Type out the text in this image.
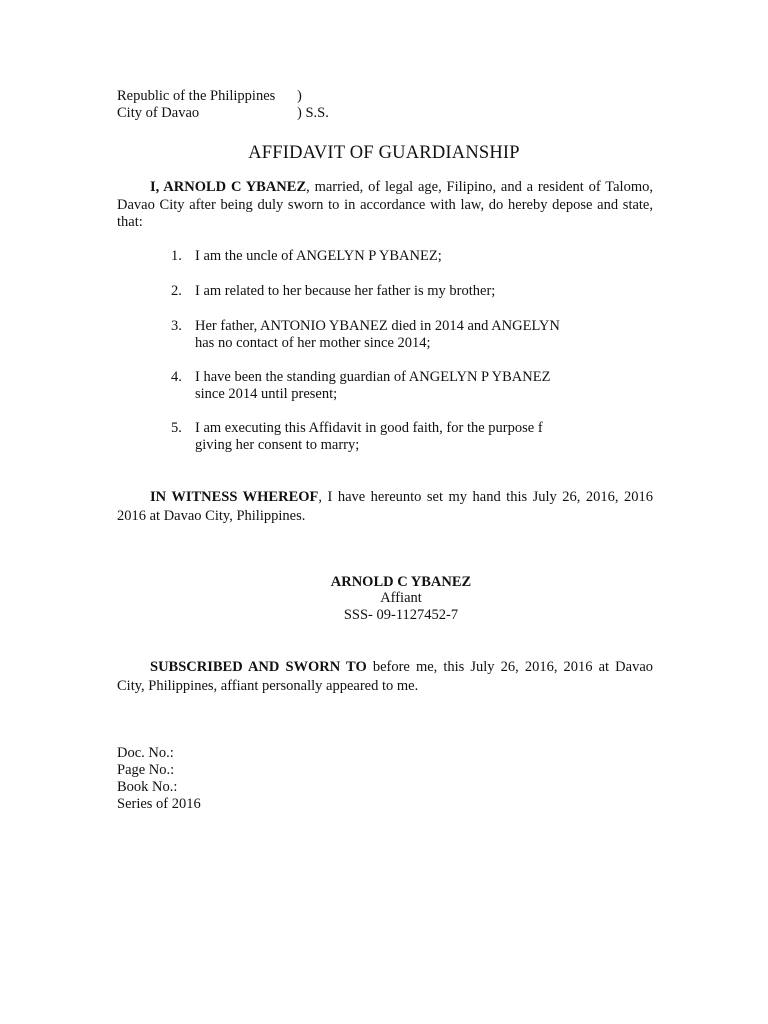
Republic of the Philippines )
City of Davao	) S.S.
AFFIDAVIT OF GUARDIANSHIP
I, ARNOLD C YBANEZ, married, of legal age, Filipino, and a resident of Talomo, Davao City after being duly sworn to in accordance with law, do hereby depose and state, that:
1. I am the uncle of ANGELYN P YBANEZ;
2. I am related to her because her father is my brother;
3. Her father, ANTONIO YBANEZ died in 2014 and ANGELYN
has no contact of her mother since 2014;
4. I have been the standing guardian of ANGELYN P YBANEZ
since 2014 until present;
5. I am executing this Affidavit in good faith, for the purpose f
giving her consent to marry;
IN WITNESS WHEREOF, I have hereunto set my hand this July 26, 2016, 2016 2016 at Davao City, Philippines.
ARNOLD C YBANEZ
Affiant
SSS- 09-1127452-7
SUBSCRIBED AND SWORN TO before me, this July 26, 2016, 2016 at Davao City, Philippines, affiant personally appeared to me.
Doc. No.:
Page No.:
Book No.:
Series of 2016
